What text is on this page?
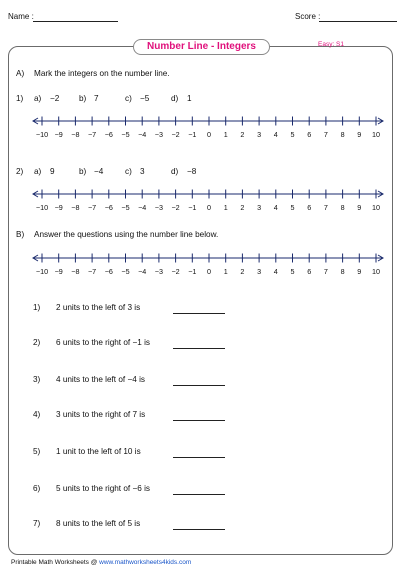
Name :	Score :
Number Line - Integers	Easy: S1
A) Mark the integers on the number line.
1) a) −2 b) 7	c) −5	d) 1
−10 −9 −8 −7 −6 −5 −4 −3 −2 −1 0 1 2 3 4 5 6 7 8 9 10
2) a) 9	b) −4	c) 3	d) −8
−10 −9 −8 −7 −6 −5 −4 −3 −2 −1 0 1 2 3 4 5 6 7 8 9 10
B) Answer the questions using the number line below.
−10 −9 −8 −7 −6 −5 −4 −3 −2 −1 0 1 2 3 4 5 6 7 8 9 10
1) 2 units to the left of 3 is
2) 6 units to the right of −1 is
3) 4 units to the left of −4 is
4) 3 units to the right of 7 is
5) 1 unit to the left of 10 is
6) 5 units to the right of −6 is
7) 8 units to the left of 5 is
Printable Math Worksheets @ www.mathworksheets4kids.com
